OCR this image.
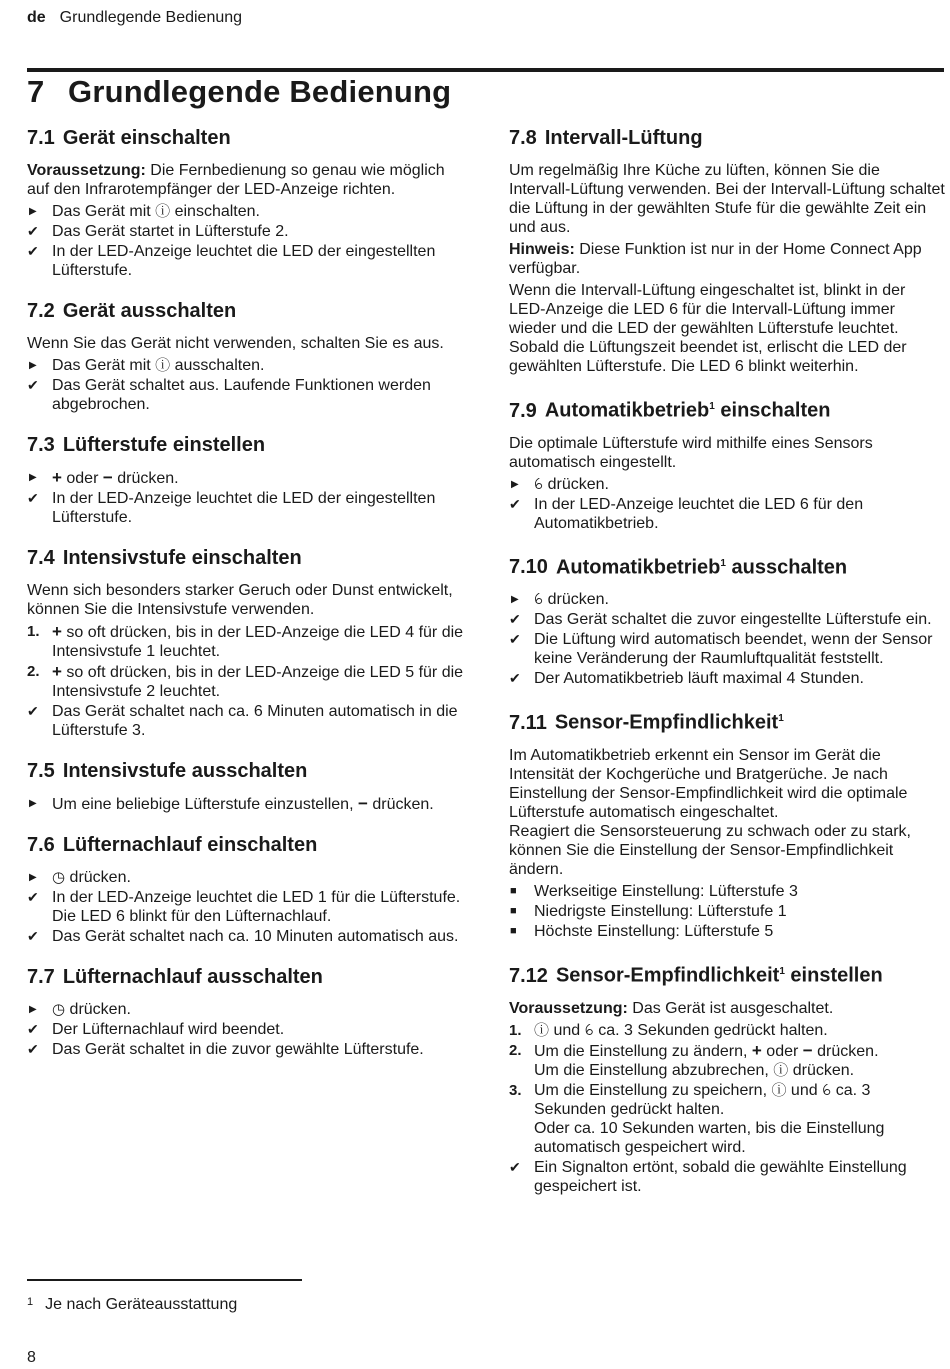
de Grundlegende Bedienung
7 Grundlegende Bedienung
7.1 Gerät einschalten

Voraussetzung: Die Fernbedienung so genau wie möglich auf den Infrarotempfänger der LED-Anzeige richten.

▶ Das Gerät mit ⓘ einschalten.
✔ Das Gerät startet in Lüfterstufe 2.
✔ In der LED-Anzeige leuchtet die LED der eingestellten Lüfterstufe.
7.2 Gerät ausschalten

Wenn Sie das Gerät nicht verwenden, schalten Sie es aus.

▶ Das Gerät mit ⓘ ausschalten.
✔ Das Gerät schaltet aus. Laufende Funktionen werden abgebrochen.
7.3 Lüfterstufe einstellen
▶ + oder − drücken.
✔ In der LED-Anzeige leuchtet die LED der eingestellten Lüfterstufe.
7.4 Intensivstufe einschalten

Wenn sich besonders starker Geruch oder Dunst entwickelt, können Sie die Intensivstufe verwenden.

1. + so oft drücken, bis in der LED-Anzeige die LED 4 für die Intensivstufe 1 leuchtet.
2. + so oft drücken, bis in der LED-Anzeige die LED 5 für die Intensivstufe 2 leuchtet.
✔ Das Gerät schaltet nach ca. 6 Minuten automatisch in die Lüfterstufe 3.
7.5 Intensivstufe ausschalten
▶ Um eine beliebige Lüfterstufe einzustellen, − drücken.
7.6 Lüfternachlauf einschalten
▶	◷ drücken.
✔ In der LED-Anzeige leuchtet die LED 1 für die Lüfterstufe. Die LED 6 blinkt für den Lüfternachlauf.
✔ Das Gerät schaltet nach ca. 10 Minuten automatisch aus.
7.7 Lüfternachlauf ausschalten
▶	◷ drücken.
✔ Der Lüfternachlauf wird beendet.
✔ Das Gerät schaltet in die zuvor gewählte Lüfterstufe.
7.8 Intervall-Lüftung

Um regelmäßig Ihre Küche zu lüften, können Sie die Intervall-Lüftung verwenden. Bei der Intervall-Lüftung schaltet die Lüftung in der gewählten Stufe für die gewählte Zeit ein und aus.

Hinweis: Diese Funktion ist nur in der Home Connect App verfügbar.

Wenn die Intervall-Lüftung eingeschaltet ist, blinkt in der LED-Anzeige die LED 6 für die Intervall-Lüftung immer wieder und die LED der gewählten Lüfterstufe leuchtet. Sobald die Lüftungszeit beendet ist, erlischt die LED der gewählten Lüfterstufe. Die LED 6 blinkt weiterhin.

7.9 Automatikbetrieb$^1$ einschalten

Die optimale Lüfterstufe wird mithilfe eines Sensors automatisch eingestellt.

▶	ꕃ drücken.
✔ In der LED-Anzeige leuchtet die LED 6 für den Automatikbetrieb.
7.10 Automatikbetrieb$^1$ ausschalten
▶	ꕃ drücken.
✔ Das Gerät schaltet die zuvor eingestellte Lüfterstufe ein.
✔ Die Lüftung wird automatisch beendet, wenn der Sensor keine Veränderung der Raumluftqualität feststellt.
✔ Der Automatikbetrieb läuft maximal 4 Stunden.
7.11 Sensor-Empfindlichkeit$^1$

Im Automatikbetrieb erkennt ein Sensor im Gerät die Intensität der Kochgerüche und Bratgerüche. Je nach Einstellung der Sensor-Empfindlichkeit wird die optimale Lüfterstufe automatisch eingeschaltet.

Reagiert die Sensorsteuerung zu schwach oder zu stark, können Sie die Einstellung der Sensor-Empfindlichkeit ändern.

■	Werkseitige Einstellung: Lüfterstufe 3
■	Niedrigste Einstellung: Lüfterstufe 1
■	Höchste Einstellung: Lüfterstufe 5
7.12 Sensor-Empfindlichkeit$^1$ einstellen

Voraussetzung: Das Gerät ist ausgeschaltet.

1. ⓘ und ꕃ ca. 3 Sekunden gedrückt halten.
2. Um die Einstellung zu ändern, + oder − drücken.
Um die Einstellung abzubrechen, ⓘ drücken.
3. Um die Einstellung zu speichern, ⓘ und ꕃ ca. 3 Sekunden gedrückt halten.
Oder ca. 10 Sekunden warten, bis die Einstellung automatisch gespeichert wird.
✔ Ein Signalton ertönt, sobald die gewählte Einstellung gespeichert ist.
$^1$ Je nach Geräteausstattung
8
